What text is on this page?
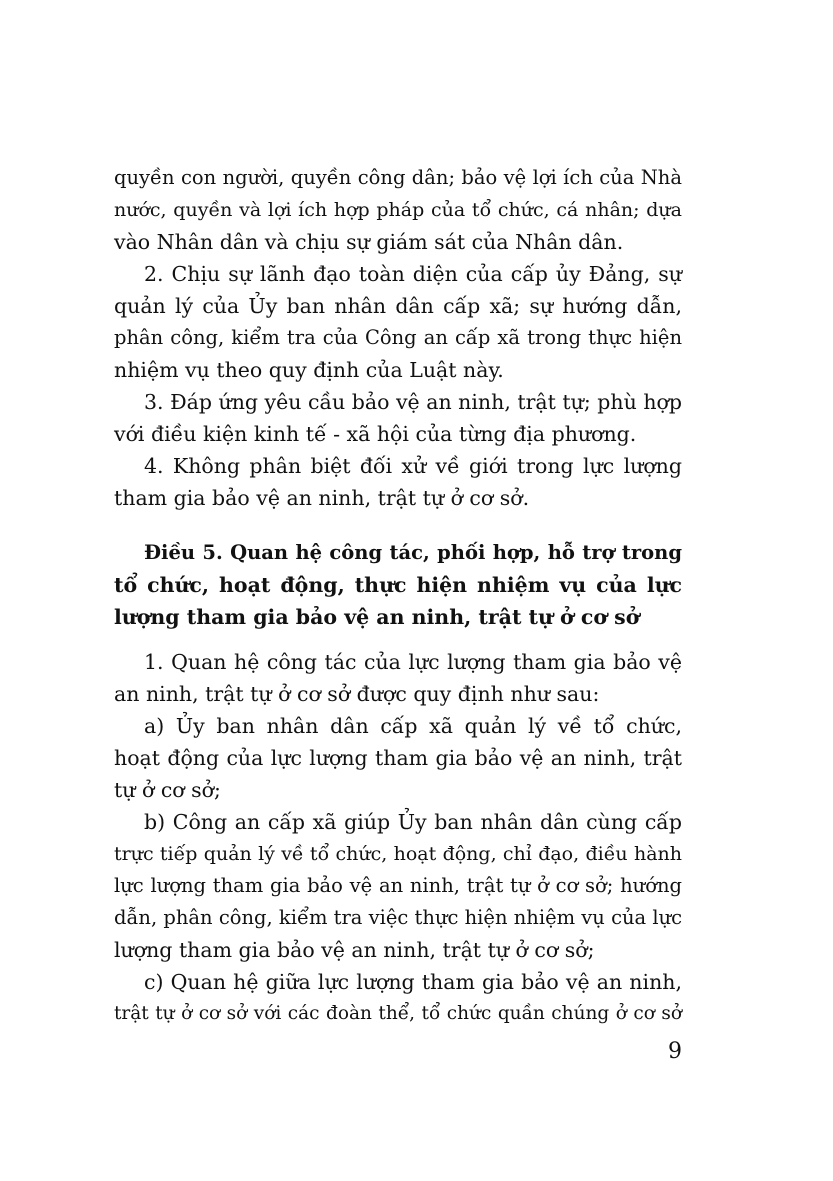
quyền con người, quyền công dân; bảo vệ lợi ích của Nhà
nước, quyền và lợi ích hợp pháp của tổ chức, cá nhân; dựa
vào Nhân dân và chịu sự giám sát của Nhân dân.
2. Chịu sự lãnh đạo toàn diện của cấp ủy Đảng, sự
quản lý của Ủy ban nhân dân cấp xã; sự hướng dẫn,
phân công, kiểm tra của Công an cấp xã trong thực hiện
nhiệm vụ theo quy định của Luật này.
3. Đáp ứng yêu cầu bảo vệ an ninh, trật tự; phù hợp
với điều kiện kinh tế - xã hội của từng địa phương.
4. Không phân biệt đối xử về giới trong lực lượng
tham gia bảo vệ an ninh, trật tự ở cơ sở.
Điều 5. Quan hệ công tác, phối hợp, hỗ trợ trong
tổ chức, hoạt động, thực hiện nhiệm vụ của lực
lượng tham gia bảo vệ an ninh, trật tự ở cơ sở
1. Quan hệ công tác của lực lượng tham gia bảo vệ
an ninh, trật tự ở cơ sở được quy định như sau:
a) Ủy ban nhân dân cấp xã quản lý về tổ chức,
hoạt động của lực lượng tham gia bảo vệ an ninh, trật
tự ở cơ sở;
b) Công an cấp xã giúp Ủy ban nhân dân cùng cấp
trực tiếp quản lý về tổ chức, hoạt động, chỉ đạo, điều hành
lực lượng tham gia bảo vệ an ninh, trật tự ở cơ sở; hướng
dẫn, phân công, kiểm tra việc thực hiện nhiệm vụ của lực
lượng tham gia bảo vệ an ninh, trật tự ở cơ sở;
c) Quan hệ giữa lực lượng tham gia bảo vệ an ninh,
trật tự ở cơ sở với các đoàn thể, tổ chức quần chúng ở cơ sở
9
